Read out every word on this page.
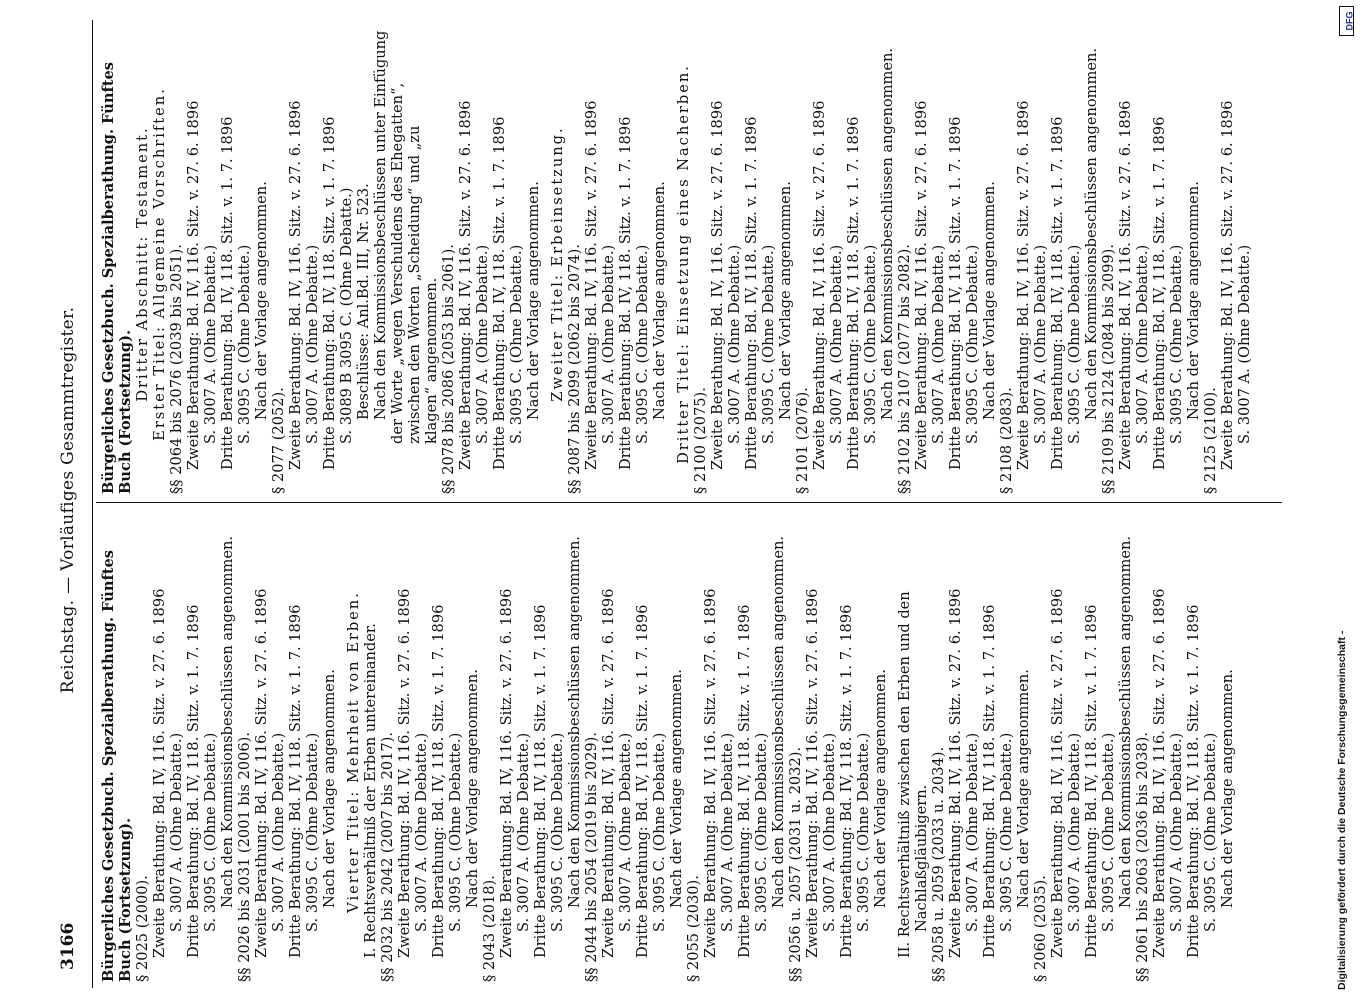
3166
Reichstag. — Vorläufiges Gesammtregister.
Bürgerliches Gesetzbuch. Spezialberathung. Fünftes Buch (Fortsetzung). § 2025 (2000). Zweite Berathung: Bd. IV, 116. Sitz. v. 27. 6. 1896 S. 3007 A. (Ohne Debatte.) Dritte Berathung: Bd. IV, 118. Sitz. v. 1. 7. 1896 S. 3095 C. (Ohne Debatte.) Nach den Kommissionsbeschlüssen angenommen. §§ 2026 bis 2031 (2001 bis 2006). Zweite Berathung: Bd. IV, 116. Sitz. v. 27. 6. 1896 S. 3007 A. (Ohne Debatte.) Dritte Berathung: Bd. IV, 118. Sitz. v. 1. 7. 1896 S. 3095 C. (Ohne Debatte.) Nach der Vorlage angenommen. Vierter Titel: Mehrheit von Erben. I. Rechtsverhältniß der Erben untereinander. §§ 2032 bis 2042 (2007 bis 2017). Zweite Berathung: Bd. IV, 116. Sitz. v. 27. 6. 1896 S. 3007 A. (Ohne Debatte.) Dritte Berathung: Bd. IV, 118. Sitz. v. 1. 7. 1896 S. 3095 C. (Ohne Debatte.) Nach der Vorlage angenommen.
§ 2043 (2018). Zweite Berathung: Bd. IV, 116. Sitz. v. 27. 6. 1896 S. 3007 A. (Ohne Debatte.) Dritte Berathung: Bd. IV, 118. Sitz. v. 1. 7. 1896 S. 3095 C. (Ohne Debatte.) Nach den Kommissionsbeschlüssen angenommen. §§ 2044 bis 2054 (2019 bis 2029). Zweite Berathung: Bd. IV, 116. Sitz. v. 27. 6. 1896 S. 3007 A. (Ohne Debatte.) Dritte Berathung: Bd. IV, 118. Sitz. v. 1. 7. 1896 S. 3095 C. (Ohne Debatte.) Nach der Vorlage angenommen.
§ 2055 (2030). Zweite Berathung: Bd. IV, 116. Sitz. v. 27. 6. 1896 S. 3007 A. (Ohne Debatte.) Dritte Berathung: Bd. IV, 118. Sitz. v. 1. 7. 1896 S. 3095 C. (Ohne Debatte.) Nach den Kommissionsbeschlüssen angenommen. §§ 2056 u. 2057 (2031 u. 2032). Zweite Berathung: Bd. IV, 116. Sitz. v. 27. 6. 1896 S. 3007 A. (Ohne Debatte.) Dritte Berathung: Bd. IV, 118. Sitz. v. 1. 7. 1896 S. 3095 C. (Ohne Debatte.) Nach der Vorlage angenommen. II. Rechtsverhältniß zwischen den Erben und den Nachlaßgläubigern. §§ 2058 u. 2059 (2033 u. 2034). Zweite Berathung: Bd. IV, 116. Sitz. v. 27. 6. 1896 S. 3007 A. (Ohne Debatte.) Dritte Berathung: Bd. IV, 118. Sitz. v. 1. 7. 1896 S. 3095 C. (Ohne Debatte.) Nach der Vorlage angenommen.
§ 2060 (2035). Zweite Berathung: Bd. IV, 116. Sitz. v. 27. 6. 1896 S. 3007 A. (Ohne Debatte.) Dritte Berathung: Bd. IV, 118. Sitz. v. 1. 7. 1896 S. 3095 C. (Ohne Debatte.) Nach den Kommissionsbeschlüssen angenommen. §§ 2061 bis 2063 (2036 bis 2038). Zweite Berathung: Bd. IV, 116. Sitz. v. 27. 6. 1896 S. 3007 A. (Ohne Debatte.) Dritte Berathung: Bd. IV, 118. Sitz. v. 1. 7. 1896 S. 3095 C. (Ohne Debatte.) Nach der Vorlage angenommen.
Bürgerliches Gesetzbuch. Spezialberathung. Fünftes Buch (Fortsetzung).
Dritter Abschnitt: Testament. Erster Titel: Allgemeine Vorschriften. §§ 2064 bis 2076 (2039 bis 2051). Zweite Berathung: Bd. IV, 116. Sitz. v. 27. 6. 1896 S. 3007 A. (Ohne Debatte.) Dritte Berathung: Bd. IV, 118. Sitz. v. 1. 7. 1896 S. 3095 C. (Ohne Debatte.) Nach der Vorlage angenommen.
§ 2077 (2052). Zweite Berathung: Bd. IV, 116. Sitz. v. 27. 6. 1896 S. 3007 A. (Ohne Debatte.) Dritte Berathung: Bd. IV, 118. Sitz. v. 1. 7. 1896 S. 3089 B 3095 C. (Ohne Debatte.) Beschlüsse: Anl.Bd. III, Nr. 523. Nach den Kommissionsbeschlüssen unter Einfügung der Worte „wegen Verschuldens des Ehegatten“, zwischen den Worten „Scheidung“ und „zu klagen“ angenommen. §§ 2078 bis 2086 (2053 bis 2061). Zweite Berathung: Bd. IV, 116. Sitz. v. 27. 6. 1896 S. 3007 A. (Ohne Debatte.) Dritte Berathung: Bd. IV, 118. Sitz. v. 1. 7. 1896 S. 3095 C. (Ohne Debatte.) Nach der Vorlage angenommen. Zweiter Titel: Erbeinsetzung. §§ 2087 bis 2099 (2062 bis 2074). Zweite Berathung: Bd. IV, 116. Sitz. v. 27. 6. 1896 S. 3007 A. (Ohne Debatte.) Dritte Berathung: Bd. IV, 118. Sitz. v. 1. 7. 1896 S. 3095 C. (Ohne Debatte.) Nach der Vorlage angenommen. Dritter Titel: Einsetzung eines Nacherben. § 2100 (2075). Zweite Berathung: Bd. IV, 116. Sitz. v. 27. 6. 1896 S. 3007 A. (Ohne Debatte.) Dritte Berathung: Bd. IV, 118. Sitz. v. 1. 7. 1896 S. 3095 C. (Ohne Debatte.) Nach der Vorlage angenommen.
§ 2101 (2076). Zweite Berathung: Bd. IV, 116. Sitz. v. 27. 6. 1896 S. 3007 A. (Ohne Debatte.) Dritte Berathung: Bd. IV, 118. Sitz. v. 1. 7. 1896 S. 3095 C. (Ohne Debatte.) Nach den Kommissionsbeschlüssen angenommen. §§ 2102 bis 2107 (2077 bis 2082). Zweite Berathung: Bd. IV, 116. Sitz. v. 27. 6. 1896 S. 3007 A. (Ohne Debatte.) Dritte Berathung: Bd. IV, 118. Sitz. v. 1. 7. 1896 S. 3095 C. (Ohne Debatte.) Nach der Vorlage angenommen.
§ 2108 (2083). Zweite Berathung: Bd. IV, 116. Sitz. v. 27. 6. 1896 S. 3007 A. (Ohne Debatte.) Dritte Berathung: Bd. IV, 118. Sitz. v. 1. 7. 1896 S. 3095 C. (Ohne Debatte.) Nach den Kommissionsbeschlüssen angenommen. §§ 2109 bis 2124 (2084 bis 2099). Zweite Berathung: Bd. IV, 116. Sitz. v. 27. 6. 1896 S. 3007 A. (Ohne Debatte.) Dritte Berathung: Bd. IV, 118. Sitz. v. 1. 7. 1896 S. 3095 C. (Ohne Debatte.) Nach der Vorlage angenommen.
§ 2125 (2100). Zweite Berathung: Bd. IV, 116. Sitz. v. 27. 6. 1896 S. 3007 A. (Ohne Debatte.)
Digitalisierung gefördert durch die Deutsche Forschungsgemeinschaft -
DFG
